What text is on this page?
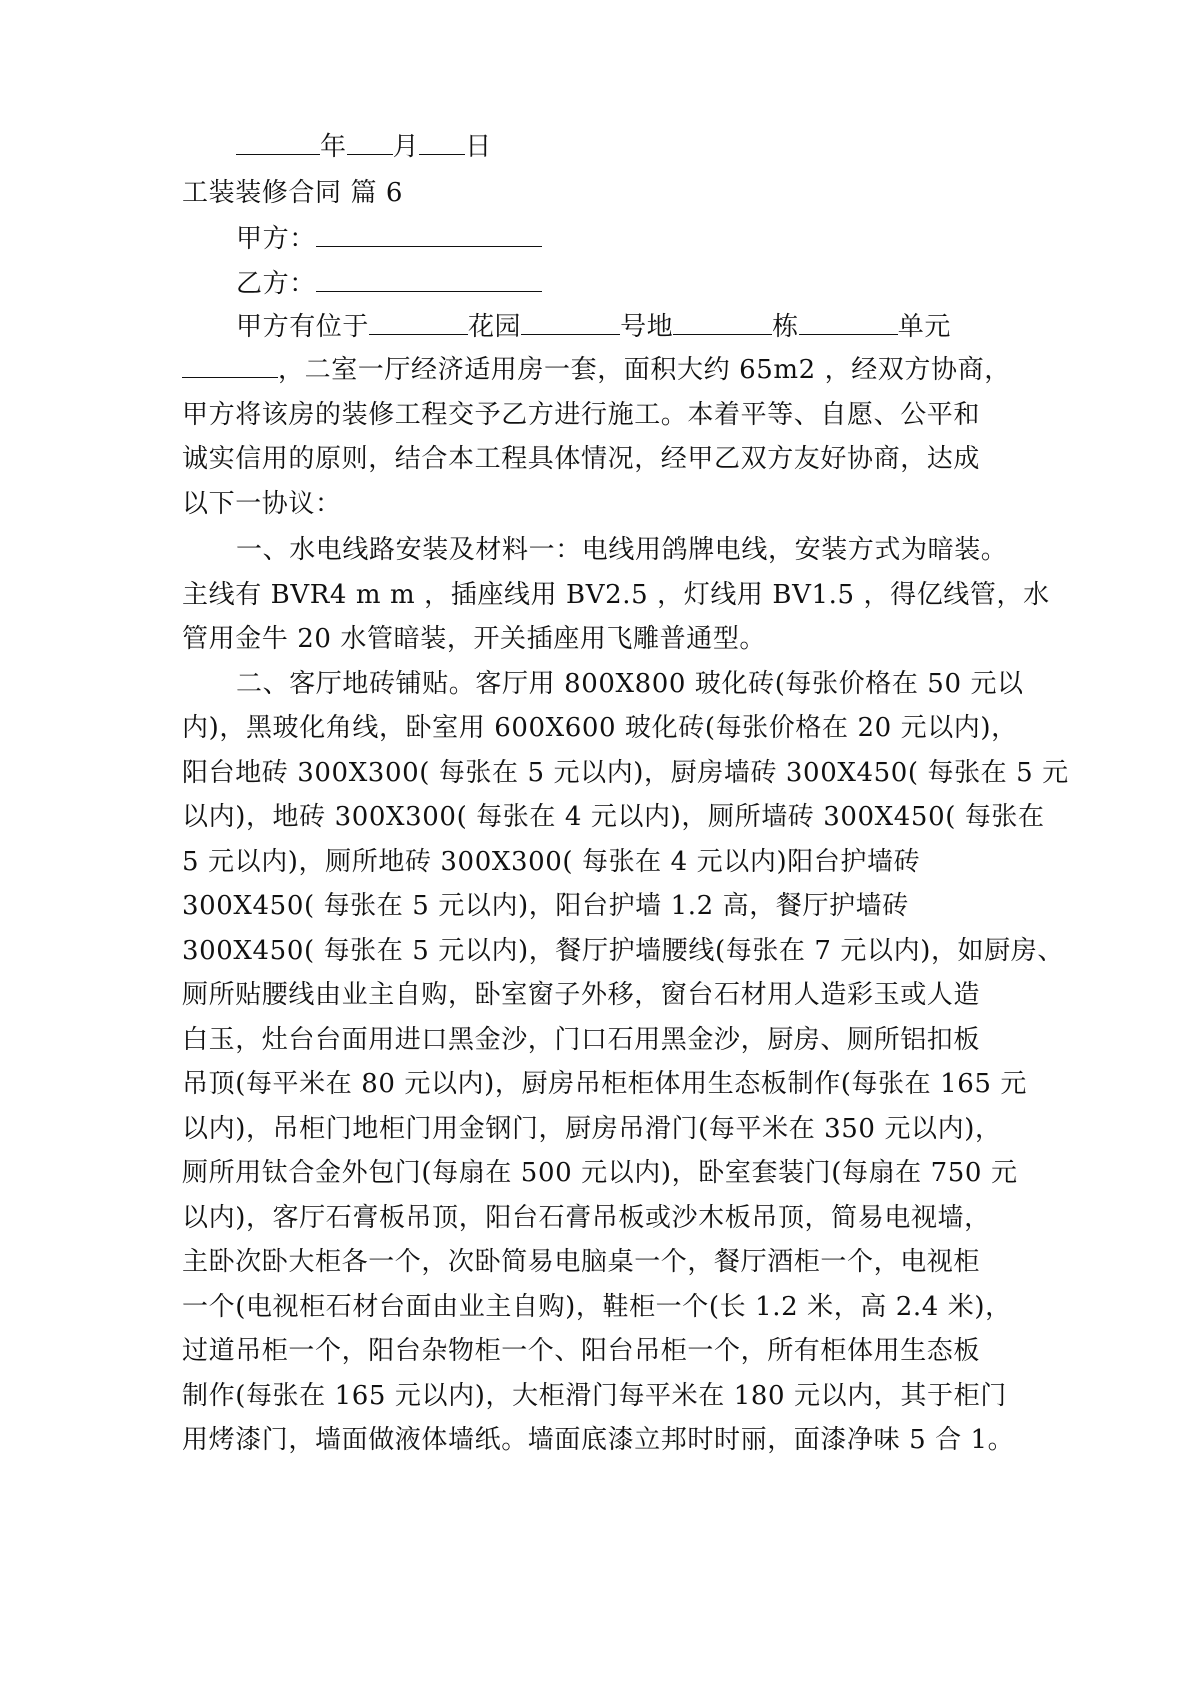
年 月 日
工装装修合同 篇 6
甲方：
乙方：
甲方有位于	花园	号地	栋	单元
，二室一厅经济适用房一套，面积大约 65m2 ，经双方协商，
甲方将该房的装修工程交予乙方进行施工。本着平等、自愿、公平和
诚实信用的原则，结合本工程具体情况，经甲乙双方友好协商，达成
以下一协议：
一、水电线路安装及材料一：电线用鸽牌电线，安装方式为暗装。
主线有 BVR4 m m ，插座线用 BV2.5 ，灯线用 BV1.5 ，得亿线管，水
管用金牛 20 水管暗装，开关插座用飞雕普通型。
二、客厅地砖铺贴。客厅用 800X800 玻化砖(每张价格在 50 元以
内)，黑玻化角线，卧室用 600X600 玻化砖(每张价格在 20 元以内)，
阳台地砖 300X300( 每张在 5 元以内)，厨房墙砖 300X450( 每张在 5 元
以内)，地砖 300X300( 每张在 4 元以内)，厕所墙砖 300X450( 每张在
5 元以内)，厕所地砖 300X300( 每张在 4 元以内)阳台护墙砖
300X450( 每张在 5 元以内)，阳台护墙 1.2 高，餐厅护墙砖
300X450( 每张在 5 元以内)，餐厅护墙腰线(每张在 7 元以内)，如厨房、
厕所贴腰线由业主自购，卧室窗子外移，窗台石材用人造彩玉或人造
白玉，灶台台面用进口黑金沙，门口石用黑金沙，厨房、厕所铝扣板
吊顶(每平米在 80 元以内)，厨房吊柜柜体用生态板制作(每张在 165 元
以内)，吊柜门地柜门用金钢门，厨房吊滑门(每平米在 350 元以内)，
厕所用钛合金外包门(每扇在 500 元以内)，卧室套装门(每扇在 750 元
以内)，客厅石膏板吊顶，阳台石膏吊板或沙木板吊顶，简易电视墙，
主卧次卧大柜各一个，次卧简易电脑桌一个，餐厅酒柜一个，电视柜
一个(电视柜石材台面由业主自购)，鞋柜一个(长 1.2 米，高 2.4 米)，
过道吊柜一个，阳台杂物柜一个、阳台吊柜一个，所有柜体用生态板
制作(每张在 165 元以内)，大柜滑门每平米在 180 元以内，其于柜门
用烤漆门，墙面做液体墙纸。墙面底漆立邦时时丽，面漆净味 5 合 1。
